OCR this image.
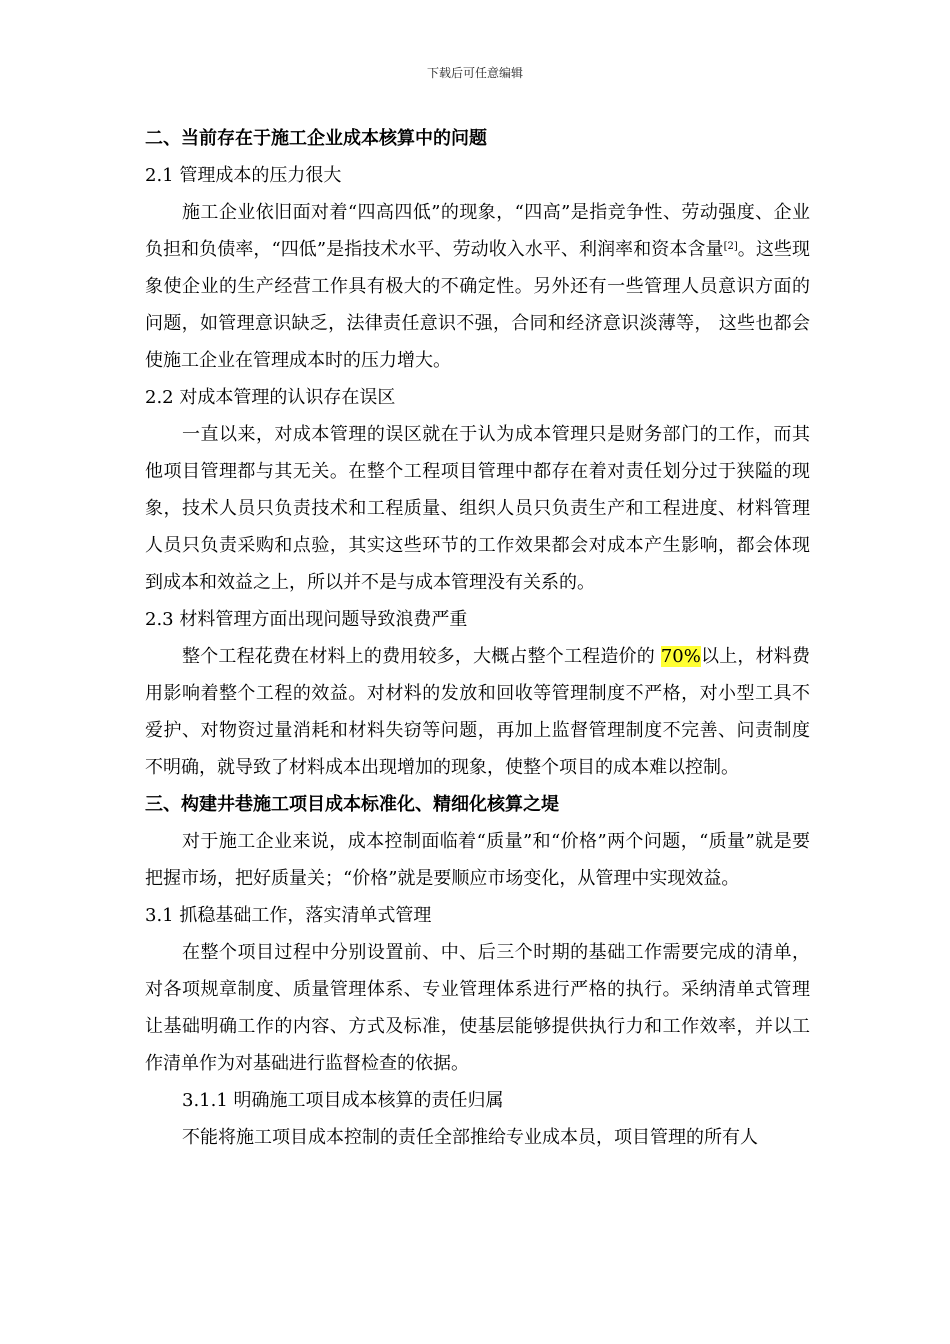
下载后可任意编辑
二、当前存在于施工企业成本核算中的问题
2.1 管理成本的压力很大
施工企业依旧面对着“四高四低”的现象，“四高”是指竞争性、劳动强度、企业负担和负债率，“四低”是指技术水平、劳动收入水平、利润率和资本含量[2]。这些现象使企业的生产经营工作具有极大的不确定性。另外还有一些管理人员意识方面的问题，如管理意识缺乏，法律责任意识不强，合同和经济意识淡薄等， 这些也都会使施工企业在管理成本时的压力增大。
2.2 对成本管理的认识存在误区
一直以来，对成本管理的误区就在于认为成本管理只是财务部门的工作，而其他项目管理都与其无关。在整个工程项目管理中都存在着对责任划分过于狭隘的现象，技术人员只负责技术和工程质量、组织人员只负责生产和工程进度、材料管理人员只负责采购和点验，其实这些环节的工作效果都会对成本产生影响，都会体现到成本和效益之上，所以并不是与成本管理没有关系的。
2.3 材料管理方面出现问题导致浪费严重
整个工程花费在材料上的费用较多，大概占整个工程造价的 70%以上，材料费用影响着整个工程的效益。对材料的发放和回收等管理制度不严格，对小型工具不爱护、对物资过量消耗和材料失窃等问题，再加上监督管理制度不完善、问责制度不明确，就导致了材料成本出现增加的现象，使整个项目的成本难以控制。
三、构建井巷施工项目成本标准化、精细化核算之堤
对于施工企业来说，成本控制面临着“质量”和“价格”两个问题，“质量”就是要把握市场，把好质量关；“价格”就是要顺应市场变化，从管理中实现效益。
3.1 抓稳基础工作，落实清单式管理
在整个项目过程中分别设置前、中、后三个时期的基础工作需要完成的清单，对各项规章制度、质量管理体系、专业管理体系进行严格的执行。采纳清单式管理让基础明确工作的内容、方式及标准，使基层能够提供执行力和工作效率，并以工作清单作为对基础进行监督检查的依据。
3.1.1 明确施工项目成本核算的责任归属
不能将施工项目成本控制的责任全部推给专业成本员，项目管理的所有人
